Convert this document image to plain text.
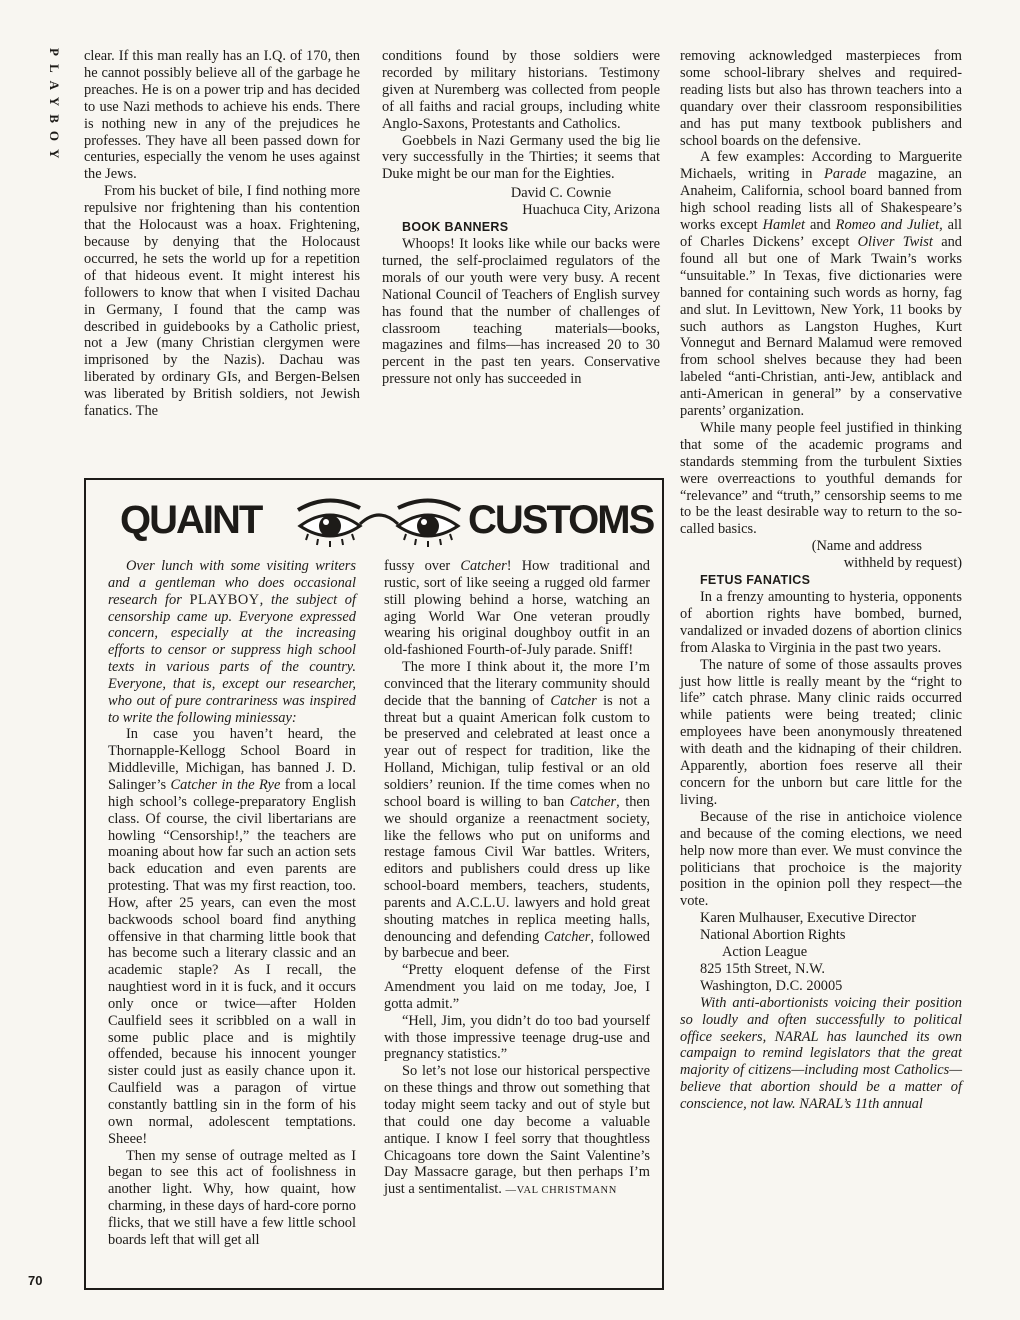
PLAYBOY clear. If this man really has an I.Q. of 170, then he cannot possibly believe all of the garbage he preaches. He is on a power trip and has decided to use Nazi methods to achieve his ends. There is nothing new in any of the prejudices he professes. They have all been passed down for centuries, especially the venom he uses against the Jews.

From his bucket of bile, I find nothing more repulsive nor frightening than his contention that the Holocaust was a hoax. Frightening, because by denying that the Holocaust occurred, he sets the world up for a repetition of that hideous event. It might interest his followers to know that when I visited Dachau in Germany, I found that the camp was described in guidebooks by a Catholic priest, not a Jew (many Christian clergymen were imprisoned by the Nazis). Dachau was liberated by ordinary GIs, and Bergen-Belsen was liberated by British soldiers, not Jewish fanatics. The

conditions found by those soldiers were recorded by military historians. Testimony given at Nuremberg was collected from people of all faiths and racial groups, including white Anglo-Saxons, Protestants and Catholics.

Goebbels in Nazi Germany used the big lie very successfully in the Thirties; it seems that Duke might be our man for the Eighties.

David C. Cownie

Huachuca City, Arizona

BOOK BANNERS

Whoops! It looks like while our backs were turned, the self-proclaimed regulators of the morals of our youth were very busy. A recent National Council of Teachers of English survey has found that the number of challenges of classroom teaching materials—books, magazines and films—has increased 20 to 30 percent in the past ten years. Conservative pressure not only has succeeded in

removing acknowledged masterpieces from some school-library shelves and required-reading lists but also has thrown teachers into a quandary over their classroom responsibilities and has put many textbook publishers and school boards on the defensive.

A few examples: According to Marguerite Michaels, writing in Parade magazine, an Anaheim, California, school board banned from high school reading lists all of Shakespeare’s works except Hamlet and Romeo and Juliet, all of Charles Dickens’ except Oliver Twist and found all but one of Mark Twain’s works “unsuitable.” In Texas, five dictionaries were banned for containing such words as horny, fag and slut. In Levittown, New York, 11 books by such authors as Langston Hughes, Kurt Vonnegut and Bernard Malamud were removed from school shelves because they had been labeled “anti-Christian, anti-Jew, antiblack and anti-American in general” by a conservative parents’ organization.

While many people feel justified in thinking that some of the academic programs and standards stemming from the turbulent Sixties were overreactions to youthful demands for “relevance” and “truth,” censorship seems to me to be the least desirable way to return to the so-called basics.

(Name and address

withheld by request)

FETUS FANATICS

In a frenzy amounting to hysteria, opponents of abortion rights have bombed, burned, vandalized or invaded dozens of abortion clinics from Alaska to Virginia in the past two years.

The nature of some of those assaults proves just how little is really meant by the “right to life” catch phrase. Many clinic raids occurred while patients were being treated; clinic employees have been anonymously threatened with death and the kidnaping of their children. Apparently, abortion foes reserve all their concern for the unborn but care little for the living.

Because of the rise in antichoice violence and because of the coming elections, we need help now more than ever. We must convince the politicians that prochoice is the majority position in the opinion poll they respect—the vote.

Karen Mulhauser, Executive Director

National Abortion Rights

Action League

825 15th Street, N.W.

Washington, D.C. 20005

With anti-abortionists voicing their position so loudly and often successfully to political office seekers, NARAL has launched its own campaign to remind legislators that the great majority of citizens—including most Catholics—believe that abortion should be a matter of conscience, not law. NARAL’s 11th annual

QUAINT	CUSTOMS

Over lunch with some visiting writers and a gentleman who does occasional research for PLAYBOY, the subject of censorship came up. Everyone expressed concern, especially at the increasing efforts to censor or suppress high school texts in various parts of the country. Everyone, that is, except our researcher, who out of pure contrariness was inspired to write the following miniessay:

In case you haven’t heard, the Thornapple-Kellogg School Board in Middleville, Michigan, has banned J. D. Salinger’s Catcher in the Rye from a local high school’s college-preparatory English class. Of course, the civil libertarians are howling “Censorship!,” the teachers are moaning about how far such an action sets back education and even parents are protesting. That was my first reaction, too. How, after 25 years, can even the most backwoods school board find anything offensive in that charming little book that has become such a literary classic and an academic staple? As I recall, the naughtiest word in it is fuck, and it occurs only once or twice—after Holden Caulfield sees it scribbled on a wall in some public place and is mightily offended, because his innocent younger sister could just as easily chance upon it. Caulfield was a paragon of virtue constantly battling sin in the form of his own normal, adolescent temptations. Sheee!

Then my sense of outrage melted as I began to see this act of foolishness in another light. Why, how quaint, how charming, in these days of hard-core porno flicks, that we still have a few little school boards left that will get all

fussy over Catcher! How traditional and rustic, sort of like seeing a rugged old farmer still plowing behind a horse, watching an aging World War One veteran proudly wearing his original doughboy outfit in an old-fashioned Fourth-of-July parade. Sniff!

The more I think about it, the more I’m convinced that the literary community should decide that the banning of Catcher is not a threat but a quaint American folk custom to be preserved and celebrated at least once a year out of respect for tradition, like the Holland, Michigan, tulip festival or an old soldiers’ reunion. If the time comes when no school board is willing to ban Catcher, then we should organize a reenactment society, like the fellows who put on uniforms and restage famous Civil War battles. Writers, editors and publishers could dress up like school-board members, teachers, students, parents and A.C.L.U. lawyers and hold great shouting matches in replica meeting halls, denouncing and defending Catcher, followed by barbecue and beer.

“Pretty eloquent defense of the First Amendment you laid on me today, Joe, I gotta admit.”

“Hell, Jim, you didn’t do too bad yourself with those impressive teenage drug-use and pregnancy statistics.”

So let’s not lose our historical perspective on these things and throw out something that today might seem tacky and out of style but that could one day become a valuable antique. I know I feel sorry that thoughtless Chicagoans tore down the Saint Valentine’s Day Massacre garage, but then perhaps I’m just a sentimentalist. —VAL CHRISTMANN

70
